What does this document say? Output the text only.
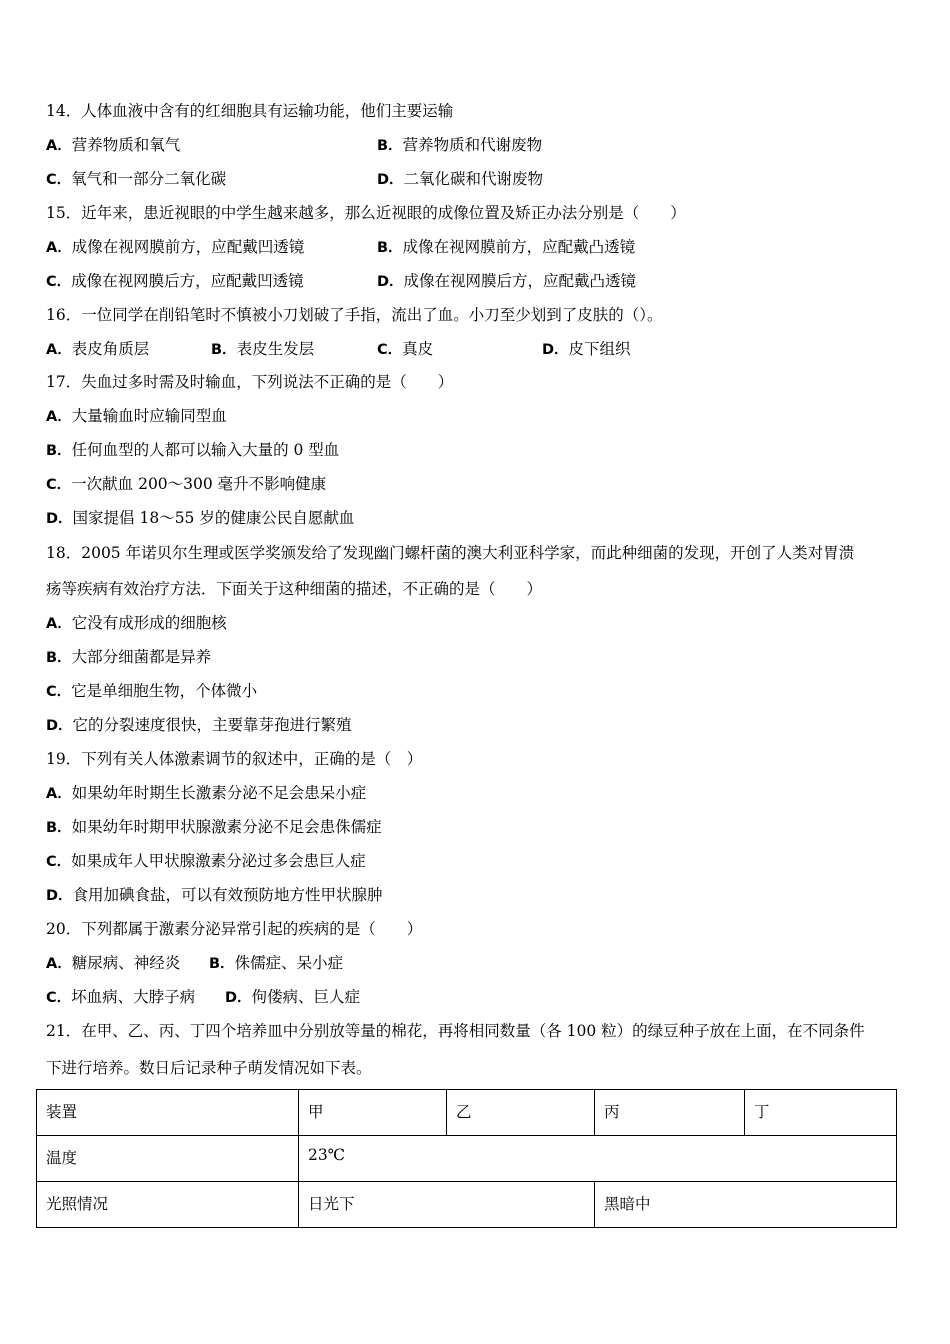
14．人体血液中含有的红细胞具有运输功能，他们主要运输
A．营养物质和氧气	B．营养物质和代谢废物
C．氧气和一部分二氧化碳	D．二氧化碳和代谢废物
15．近年来，患近视眼的中学生越来越多，那么近视眼的成像位置及矫正办法分别是（　　）
A．成像在视网膜前方，应配戴凹透镜	B．成像在视网膜前方，应配戴凸透镜
C．成像在视网膜后方，应配戴凹透镜	D．成像在视网膜后方，应配戴凸透镜
16．一位同学在削铅笔时不慎被小刀划破了手指，流出了血。小刀至少划到了皮肤的（）。
A．表皮角质层	B．表皮生发层	C．真皮	D．皮下组织
17．失血过多时需及时输血，下列说法不正确的是（　　）
A．大量输血时应输同型血
B．任何血型的人都可以输入大量的 0 型血
C．一次献血 200～300 毫升不影响健康
D．国家提倡 18～55 岁的健康公民自愿献血
18．2005 年诺贝尔生理或医学奖颁发给了发现幽门螺杆菌的澳大利亚科学家，而此种细菌的发现，开创了人类对胃溃
疡等疾病有效治疗方法．下面关于这种细菌的描述，不正确的是（　　）
A．它没有成形成的细胞核
B．大部分细菌都是异养
C．它是单细胞生物，个体微小
D．它的分裂速度很快，主要靠芽孢进行繁殖
19．下列有关人体激素调节的叙述中，正确的是（　）
A．如果幼年时期生长激素分泌不足会患呆小症
B．如果幼年时期甲状腺激素分泌不足会患侏儒症
C．如果成年人甲状腺激素分泌过多会患巨人症
D．食用加碘食盐，可以有效预防地方性甲状腺肿
20．下列都属于激素分泌异常引起的疾病的是（　　）
A．糖尿病、神经炎 B．侏儒症、呆小症
C．坏血病、大脖子病 D．佝偻病、巨人症
21．在甲、乙、丙、丁四个培养皿中分别放等量的棉花，再将相同数量（各 100 粒）的绿豆种子放在上面，在不同条件
下进行培养。数日后记录种子萌发情况如下表。
装置	甲	乙	丙	丁
温度	23℃			
光照情况	日光下		黑暗中	
